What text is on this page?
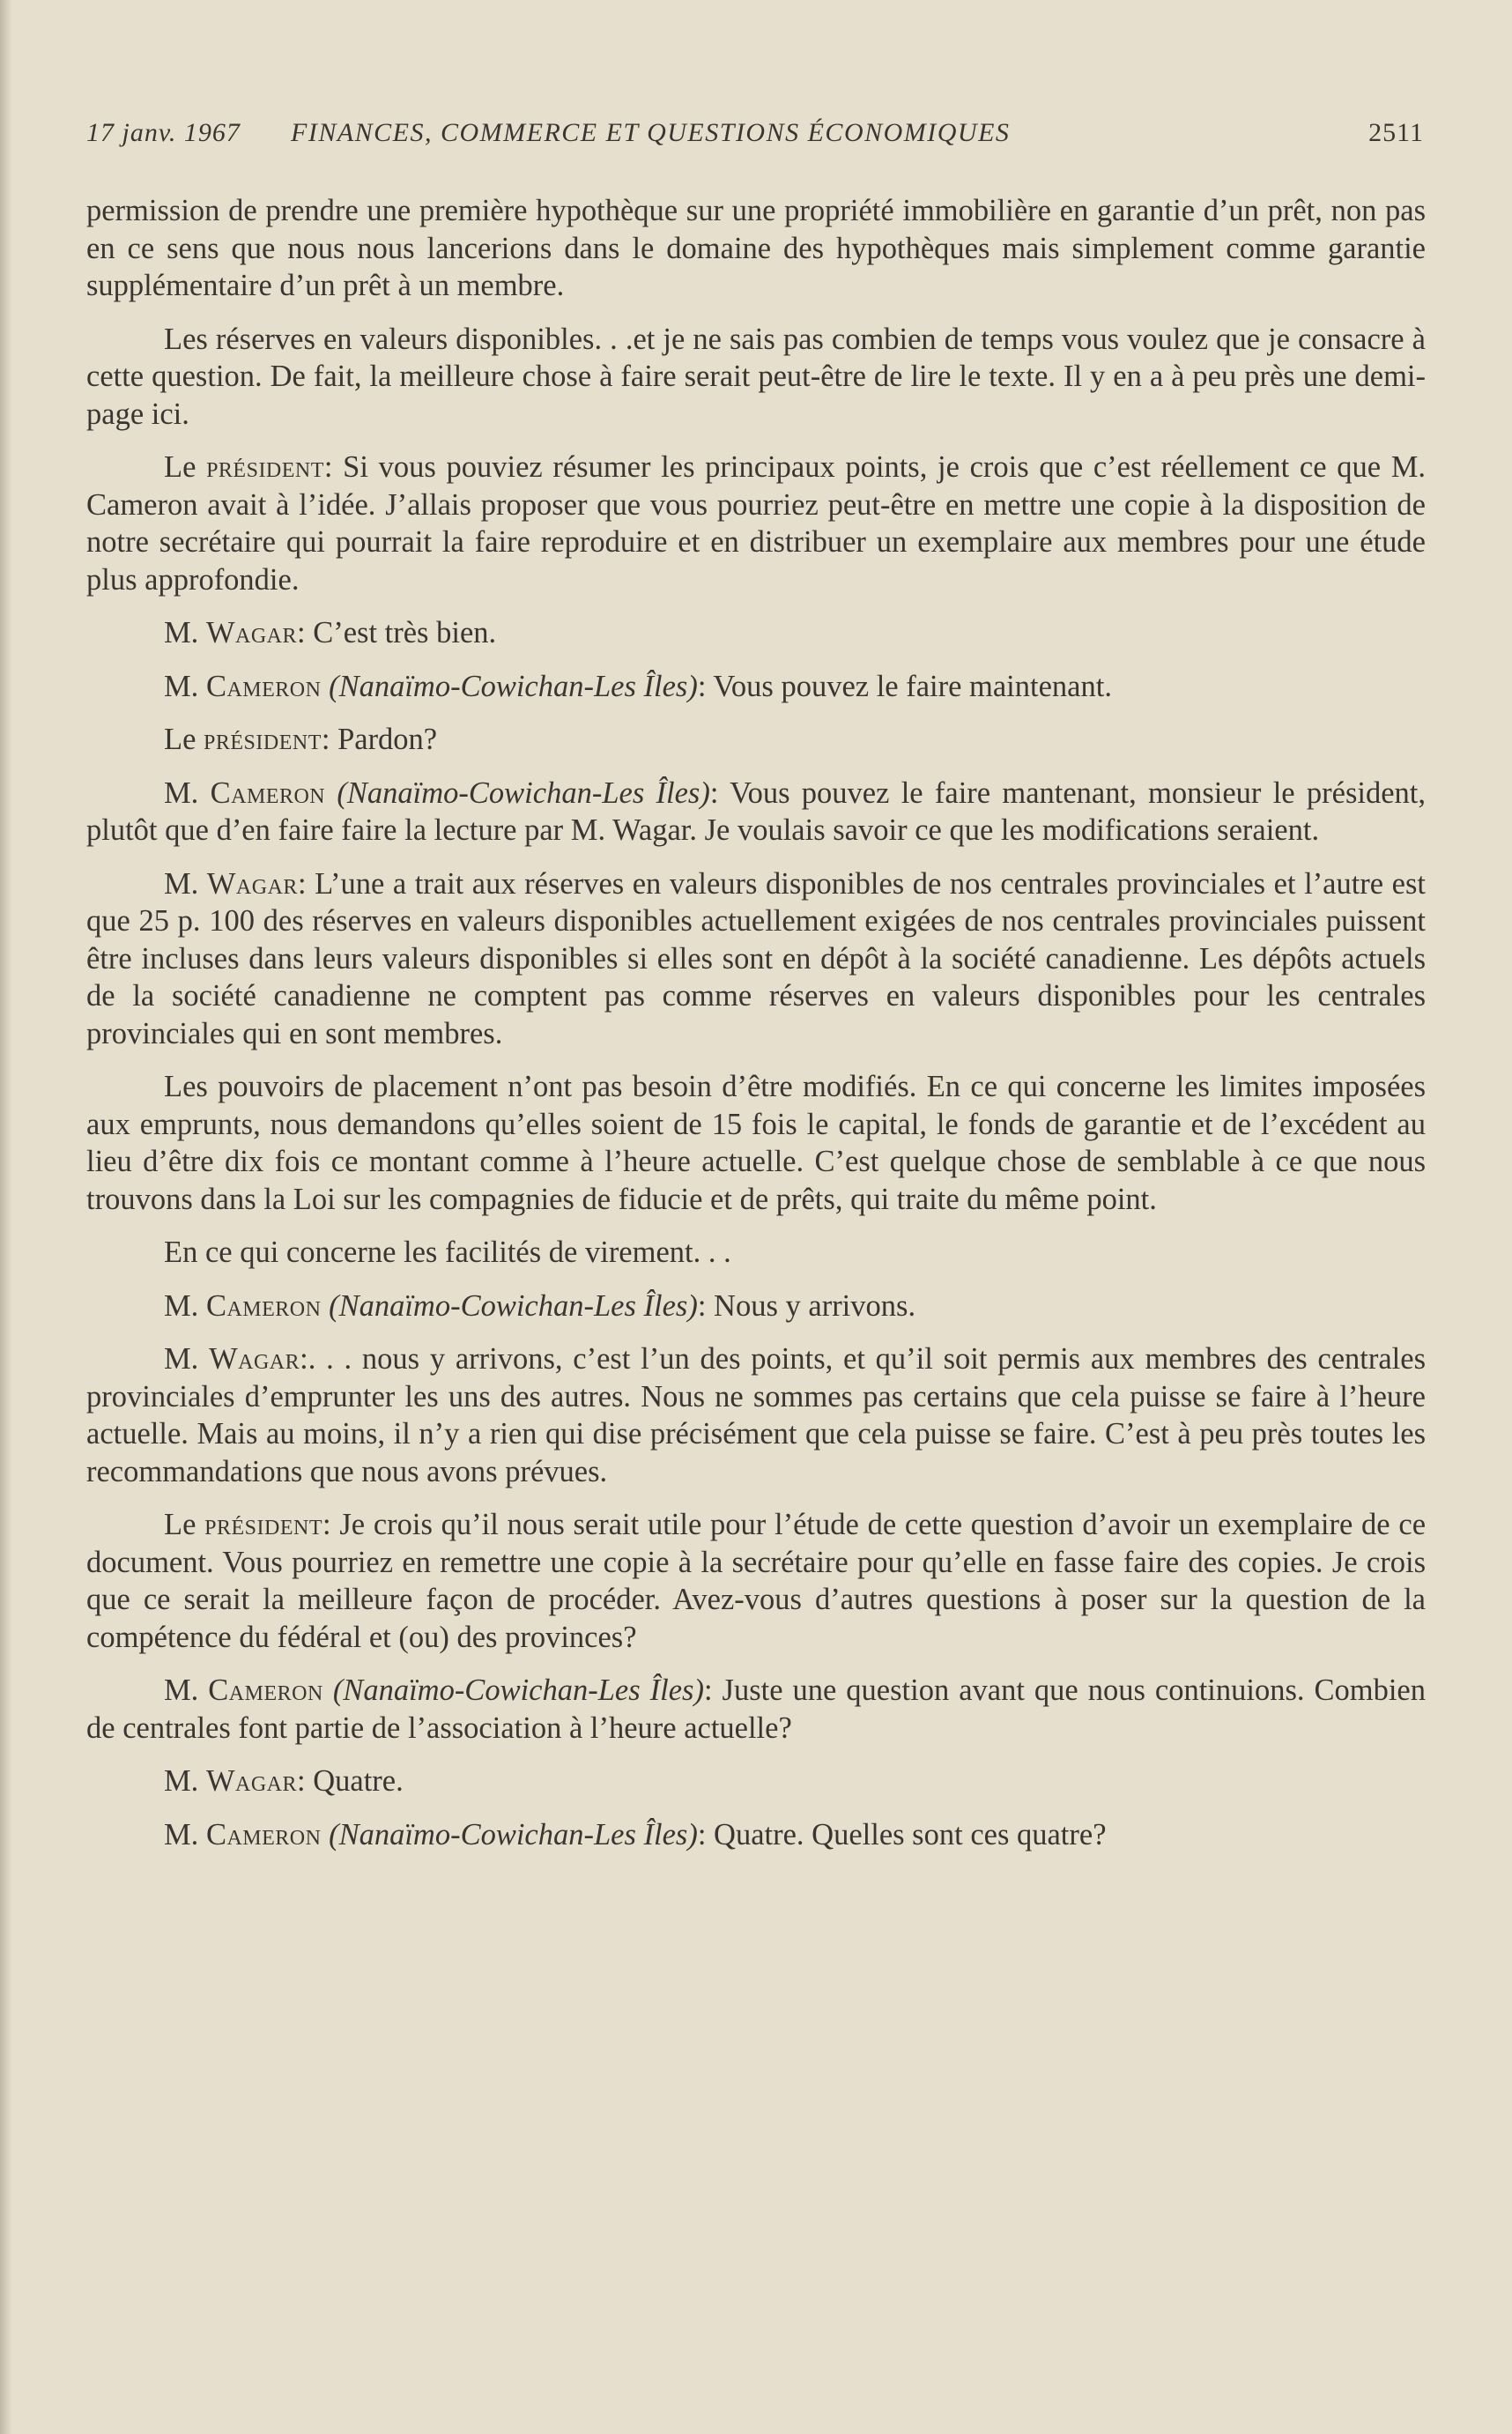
17 janv. 1967 FINANCES, COMMERCE ET QUESTIONS ÉCONOMIQUES	2511

permission de prendre une première hypothèque sur une propriété immobilière en garantie d’un prêt, non pas en ce sens que nous nous lancerions dans le domaine des hypothèques mais simplement comme garantie supplémentaire d’un prêt à un membre.

Les réserves en valeurs disponibles. . .et je ne sais pas combien de temps vous voulez que je consacre à cette question. De fait, la meilleure chose à faire serait peut-être de lire le texte. Il y en a à peu près une demi-page ici.

Le président: Si vous pouviez résumer les principaux points, je crois que c’est réellement ce que M. Cameron avait à l’idée. J’allais proposer que vous pourriez peut-être en mettre une copie à la disposition de notre secrétaire qui pourrait la faire reproduire et en distribuer un exemplaire aux membres pour une étude plus approfondie.

M. Wagar: C’est très bien.

M. Cameron (Nanaïmo-Cowichan-Les Îles): Vous pouvez le faire maintenant.

Le président: Pardon?

M. Cameron (Nanaïmo-Cowichan-Les Îles): Vous pouvez le faire mantenant, monsieur le président, plutôt que d’en faire faire la lecture par M. Wagar. Je voulais savoir ce que les modifications seraient.

M. Wagar: L’une a trait aux réserves en valeurs disponibles de nos centrales provinciales et l’autre est que 25 p. 100 des réserves en valeurs disponibles actuellement exigées de nos centrales provinciales puissent être incluses dans leurs valeurs disponibles si elles sont en dépôt à la société canadienne. Les dépôts actuels de la société canadienne ne comptent pas comme réserves en valeurs disponibles pour les centrales provinciales qui en sont membres.

Les pouvoirs de placement n’ont pas besoin d’être modifiés. En ce qui concerne les limites imposées aux emprunts, nous demandons qu’elles soient de 15 fois le capital, le fonds de garantie et de l’excédent au lieu d’être dix fois ce montant comme à l’heure actuelle. C’est quelque chose de semblable à ce que nous trouvons dans la Loi sur les compagnies de fiducie et de prêts, qui traite du même point.

En ce qui concerne les facilités de virement. . .

M. Cameron (Nanaïmo-Cowichan-Les Îles): Nous y arrivons.

M. Wagar:. . . nous y arrivons, c’est l’un des points, et qu’il soit permis aux membres des centrales provinciales d’emprunter les uns des autres. Nous ne sommes pas certains que cela puisse se faire à l’heure actuelle. Mais au moins, il n’y a rien qui dise précisément que cela puisse se faire. C’est à peu près toutes les recommandations que nous avons prévues.

Le président: Je crois qu’il nous serait utile pour l’étude de cette question d’avoir un exemplaire de ce document. Vous pourriez en remettre une copie à la secrétaire pour qu’elle en fasse faire des copies. Je crois que ce serait la meilleure façon de procéder. Avez-vous d’autres questions à poser sur la question de la compétence du fédéral et (ou) des provinces?

M. Cameron (Nanaïmo-Cowichan-Les Îles): Juste une question avant que nous continuions. Combien de centrales font partie de l’association à l’heure actuelle?

M. Wagar: Quatre.

M. Cameron (Nanaïmo-Cowichan-Les Îles): Quatre. Quelles sont ces quatre?
